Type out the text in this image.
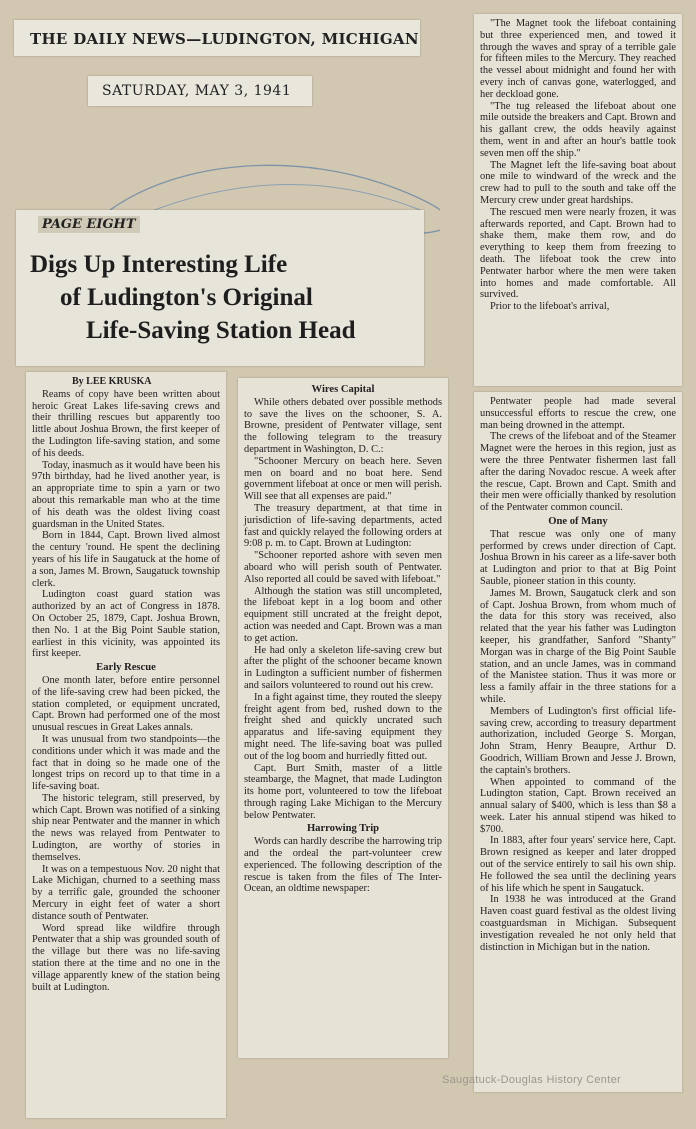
THE DAILY NEWS—LUDINGTON, MICHIGAN
SATURDAY, MAY 3, 1941
PAGE EIGHT
Digs Up Interesting Life
of Ludington's Original
Life-Saving Station Head
By LEE KRUSKA

Reams of copy have been written about heroic Great Lakes life-saving crews and their thrilling rescues but apparently too little about Joshua Brown, the first keeper of the Ludington life-saving station, and some of his deeds.

Today, inasmuch as it would have been his 97th birthday, had he lived another year, is an appropriate time to spin a yarn or two about this remarkable man who at the time of his death was the oldest living coast guardsman in the United States.

Born in 1844, Capt. Brown lived almost the century 'round. He spent the declining years of his life in Saugatuck at the home of a son, James M. Brown, Saugatuck township clerk.

Ludington coast guard station was authorized by an act of Congress in 1878. On October 25, 1879, Capt. Joshua Brown, then No. 1 at the Big Point Sauble station, earliest in this vicinity, was appointed its first keeper.

Early Rescue

One month later, before entire personnel of the life-saving crew had been picked, the station completed, or equipment uncrated, Capt. Brown had performed one of the most unusual rescues in Great Lakes annals.

It was unusual from two standpoints—the conditions under which it was made and the fact that in doing so he made one of the longest trips on record up to that time in a life-saving boat.

The historic telegram, still preserved, by which Capt. Brown was notified of a sinking ship near Pentwater and the manner in which the news was relayed from Pentwater to Ludington, are worthy of stories in themselves.

It was on a tempestuous Nov. 20 night that Lake Michigan, churned to a seething mass by a terrific gale, grounded the schooner Mercury in eight feet of water a short distance south of Pentwater.

Word spread like wildfire through Pentwater that a ship was grounded south of the village but there was no life-saving station there at the time and no one in the village apparently knew of the station being built at Ludington.

Wires Capital

While others debated over possible methods to save the lives on the schooner, S. A. Browne, president of Pentwater village, sent the following telegram to the treasury department in Washington, D. C.:

"Schooner Mercury on beach here. Seven men on board and no boat here. Send government lifeboat at once or men will perish. Will see that all expenses are paid."

The treasury department, at that time in jurisdiction of life-saving departments, acted fast and quickly relayed the following orders at 9:08 p. m. to Capt. Brown at Ludington:

"Schooner reported ashore with seven men aboard who will perish south of Pentwater. Also reported all could be saved with lifeboat."

Although the station was still uncompleted, the lifeboat kept in a log boom and other equipment still uncrated at the freight depot, action was needed and Capt. Brown was a man to get action.

He had only a skeleton life-saving crew but after the plight of the schooner became known in Ludington a sufficient number of fishermen and sailors volunteered to round out his crew.

In a fight against time, they routed the sleepy freight agent from bed, rushed down to the freight shed and quickly uncrated such apparatus and life-saving equipment they might need. The life-saving boat was pulled out of the log boom and hurriedly fitted out.

Capt. Burt Smith, master of a little steambarge, the Magnet, that made Ludington its home port, volunteered to tow the lifeboat through raging Lake Michigan to the Mercury below Pentwater.

Harrowing Trip

Words can hardly describe the harrowing trip and the ordeal the part-volunteer crew experienced. The following description of the rescue is taken from the files of The Inter-Ocean, an oldtime newspaper:

"The Magnet took the lifeboat containing but three experienced men, and towed it through the waves and spray of a terrible gale for fifteen miles to the Mercury. They reached the vessel about midnight and found her with every inch of canvas gone, waterlogged, and her deckload gone.

"The tug released the lifeboat about one mile outside the breakers and Capt. Brown and his gallant crew, the odds heavily against them, went in and after an hour's battle took seven men off the ship."

The Magnet left the life-saving boat about one mile to windward of the wreck and the crew had to pull to the south and take off the Mercury crew under great hardships.

The rescued men were nearly frozen, it was afterwards reported, and Capt. Brown had to shake them, make them row, and do everything to keep them from freezing to death. The lifeboat took the crew into Pentwater harbor where the men were taken into homes and made comfortable. All survived.

Prior to the lifeboat's arrival,

Pentwater people had made several unsuccessful efforts to rescue the crew, one man being drowned in the attempt.

The crews of the lifeboat and of the Steamer Magnet were the heroes in this region, just as were the three Pentwater fishermen last fall after the daring Novadoc rescue. A week after the rescue, Capt. Brown and Capt. Smith and their men were officially thanked by resolution of the Pentwater common council.

One of Many

That rescue was only one of many performed by crews under direction of Capt. Joshua Brown in his career as a life-saver both at Ludington and prior to that at Big Point Sauble, pioneer station in this county.

James M. Brown, Saugatuck clerk and son of Capt. Joshua Brown, from whom much of the data for this story was received, also related that the year his father was Ludington keeper, his grandfather, Sanford "Shanty" Morgan was in charge of the Big Point Sauble station, and an uncle James, was in command of the Manistee station. Thus it was more or less a family affair in the three stations for a while.

Members of Ludington's first official life-saving crew, according to treasury department authorization, included George S. Morgan, John Stram, Henry Beaupre, Arthur D. Goodrich, William Brown and Jesse J. Brown, the captain's brothers.

When appointed to command of the Ludington station, Capt. Brown received an annual salary of $400, which is less than $8 a week. Later his annual stipend was hiked to $700.

In 1883, after four years' service here, Capt. Brown resigned as keeper and later dropped out of the service entirely to sail his own ship. He followed the sea until the declining years of his life which he spent in Saugatuck.

In 1938 he was introduced at the Grand Haven coast guard festival as the oldest living coastguardsman in Michigan. Subsequent investigation revealed he not only held that distinction in Michigan but in the nation.

Saugatuck-Douglas History Center
